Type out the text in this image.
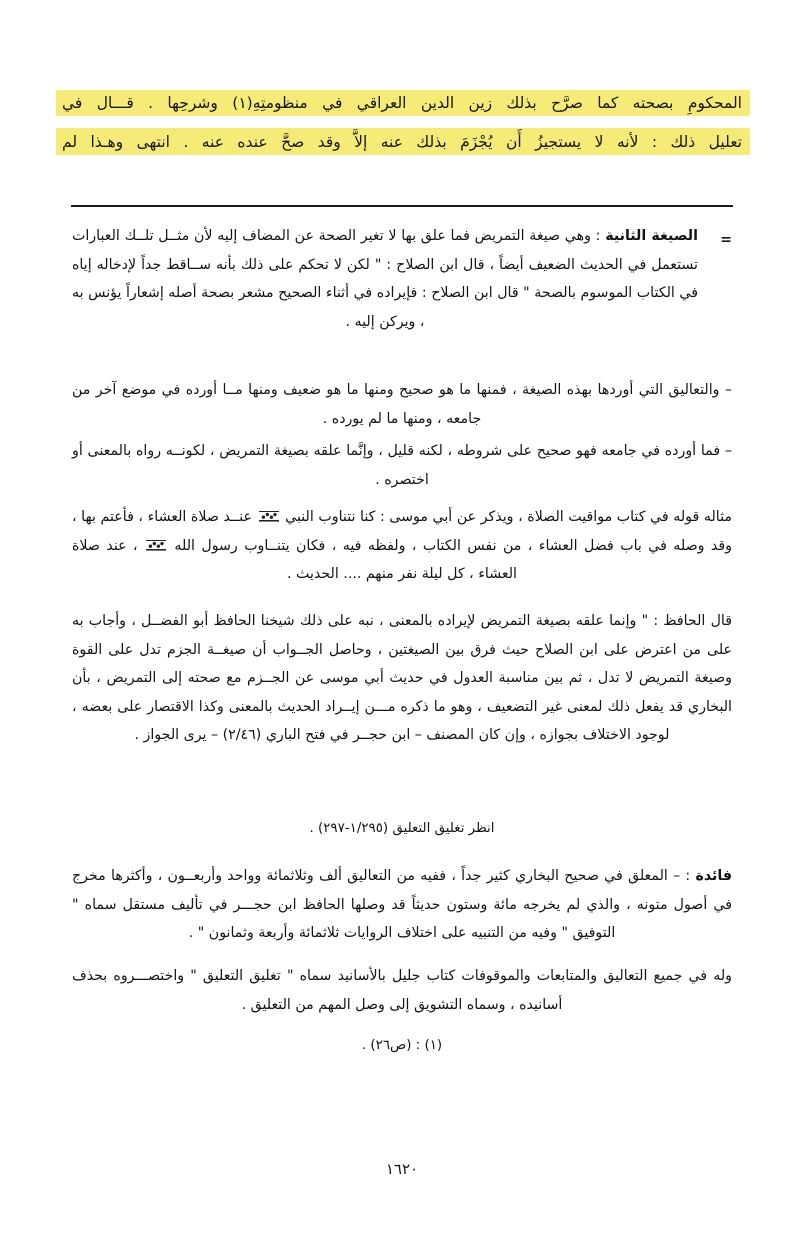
المحكومِ بصحته كما صرَّح بذلك زين الدين العراقي في منظومتِهِ(١) وشرحِها . قـــال في
تعليل ذلك : لأنه لا يستجيزُ أَن يُجْزَمَ بذلك عنه إلاَّ وقد صحَّ عنده عنه . انتهى وهـذا لم
=

الصيغة الثانية : وهي صيغة التمريض فما علق بها لا تغير الصحة عن المضاف إليه لأن مثــل تلــك العبارات تستعمل في الحديث الضعيف أيضاً ، قال ابن الصلاح : " لكن لا تحكم على ذلك بأنه ســاقط جداً لإدخاله إياه في الكتاب الموسوم بالصحة " قال ابن الصلاح : فإيراده في أثناء الصحيح مشعر بصحة أصله إشعاراً يؤنس به ، ويركن إليه .

– والتعاليق التي أوردها بهذه الصيغة ، فمنها ما هو صحيح ومنها ما هو ضعيف ومنها مــا أورده في موضع آخر من جامعه ، ومنها ما لم يورده .

– فما أورده في جامعه فهو صحيح على شروطه ، لكنه قليل ، وإنَّما علقه بصيغة التمريض ، لكونــه رواه بالمعنى أو اختصره .

مثاله قوله في كتاب مواقيت الصلاة ، ويذكر عن أبي موسى : كنا نتناوب النبي  عنــد صلاة العشاء ، فأعتم بها ، وقد وصله في باب فضل العشاء ، من نفس الكتاب ، ولفظه فيه ، فكان يتنــاوب رسول الله  ، عند صلاة العشاء ، كل ليلة نفر منهم .... الحديث .

قال الحافظ : " وإنما علقه بصيغة التمريض لإيراده بالمعنى ، نبه على ذلك شيخنا الحافظ أبو الفضــل ، وأجاب به على من اعترض على ابن الصلاح حيث فرق بين الصيغتين ، وحاصل الجــواب أن صيغــة الجزم تدل على القوة وصيغة التمريض لا تدل ، ثم بين مناسبة العدول في حديث أبي موسى عن الجــزم مع صحته إلى التمريض ، بأن البخاري قد يفعل ذلك لمعنى غير التضعيف ، وهو ما ذكره مـــن إيــراد الحديث بالمعنى وكذا الاقتصار على بعضه ، لوجود الاختلاف بجوازه ، وإن كان المصنف – ابن حجــر في فتح الباري (٢/٤٦) – يرى الجواز .

انظر تغليق التعليق (١/٢٩٥-٢٩٧) .

فائدة : – المعلق في صحيح البخاري كثير جداً ، ففيه من التعاليق ألف وثلاثمائة وواحد وأربعــون ، وأكثرها مخرج في أصول متونه ، والذي لم يخرجه مائة وستون حديثاً قد وصلها الحافظ ابن حجـــر في تأليف مستقل سماه " التوفيق " وفيه من التنبيه على اختلاف الروايات ثلاثمائة وأربعة وثمانون " .

وله في جميع التعاليق والمتابعات والموقوفات كتاب جليل بالأسانيد سماه " تغليق التعليق " واختصـــروه بحذف أسانيده ، وسماه التشويق إلى وصل المهم من التعليق .

(١) : (ص٢٦) .

١٦٢٠
